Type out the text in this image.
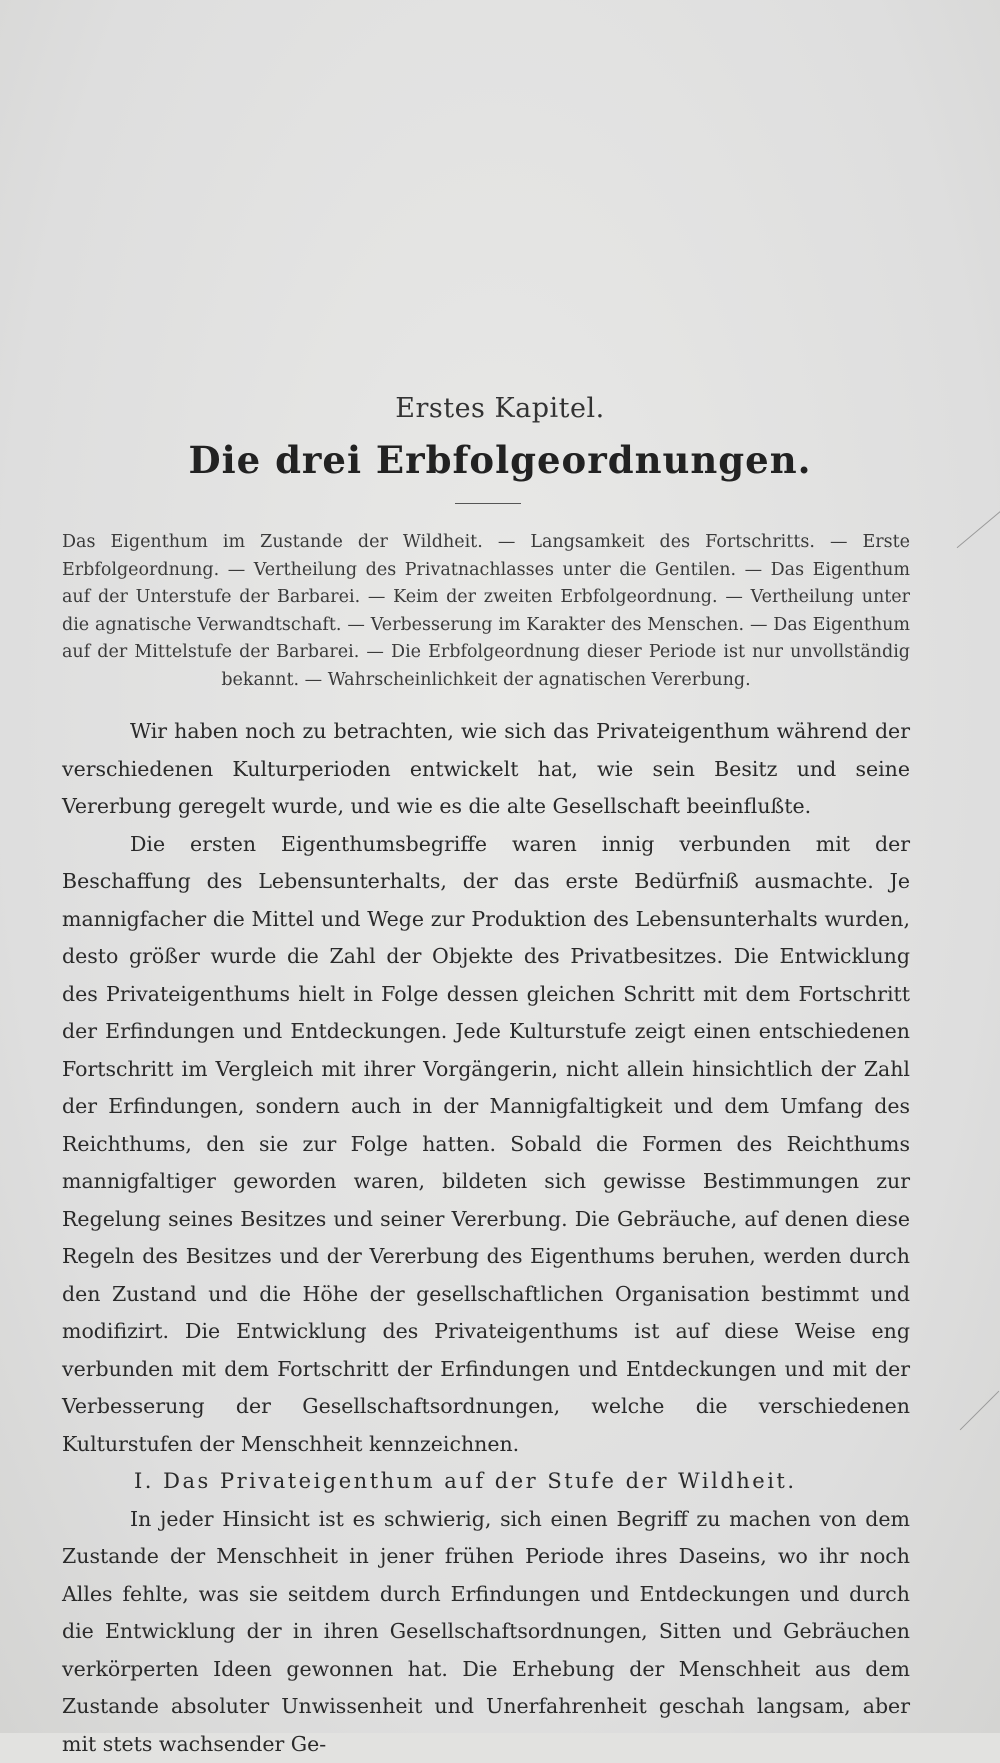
Erstes Kapitel.
Die drei Erbfolgeordnungen.
Das Eigenthum im Zustande der Wildheit. — Langsamkeit des Fortschritts. — Erste Erbfolgeordnung. — Vertheilung des Privatnachlasses unter die Gentilen. — Das Eigenthum auf der Unterstufe der Barbarei. — Keim der zweiten Erbfolgeordnung. — Vertheilung unter die agnatische Verwandtschaft. — Verbesserung im Karakter des Menschen. — Das Eigenthum auf der Mittelstufe der Barbarei. — Die Erbfolgeordnung dieser Periode ist nur unvollständig bekannt. — Wahrscheinlichkeit der agnatischen Vererbung.

Wir haben noch zu betrachten, wie sich das Privateigenthum während der verschiedenen Kulturperioden entwickelt hat, wie sein Besitz und seine Vererbung geregelt wurde, und wie es die alte Gesellschaft beeinflußte.

Die ersten Eigenthumsbegriffe waren innig verbunden mit der Beschaffung des Lebensunterhalts, der das erste Bedürfniß ausmachte. Je mannigfacher die Mittel und Wege zur Produktion des Lebensunterhalts wurden, desto größer wurde die Zahl der Objekte des Privatbesitzes. Die Entwicklung des Privateigenthums hielt in Folge dessen gleichen Schritt mit dem Fortschritt der Erfindungen und Entdeckungen. Jede Kulturstufe zeigt einen entschiedenen Fortschritt im Vergleich mit ihrer Vorgängerin, nicht allein hinsichtlich der Zahl der Erfindungen, sondern auch in der Mannigfaltigkeit und dem Umfang des Reichthums, den sie zur Folge hatten. Sobald die Formen des Reichthums mannigfaltiger geworden waren, bildeten sich gewisse Bestimmungen zur Regelung seines Besitzes und seiner Vererbung. Die Gebräuche, auf denen diese Regeln des Besitzes und der Vererbung des Eigenthums beruhen, werden durch den Zustand und die Höhe der gesellschaftlichen Organisation bestimmt und modifizirt. Die Entwicklung des Privateigenthums ist auf diese Weise eng verbunden mit dem Fortschritt der Erfindungen und Entdeckungen und mit der Verbesserung der Gesellschaftsordnungen, welche die verschiedenen Kulturstufen der Menschheit kennzeichnen.

I. Das Privateigenthum auf der Stufe der Wildheit.

In jeder Hinsicht ist es schwierig, sich einen Begriff zu machen von dem Zustande der Menschheit in jener frühen Periode ihres Daseins, wo ihr noch Alles fehlte, was sie seitdem durch Erfindungen und Entdeckungen und durch die Entwicklung der in ihren Gesellschaftsordnungen, Sitten und Gebräuchen verkörperten Ideen gewonnen hat. Die Erhebung der Menschheit aus dem Zustande absoluter Unwissenheit und Unerfahrenheit geschah langsam, aber mit stets wachsender Ge-
